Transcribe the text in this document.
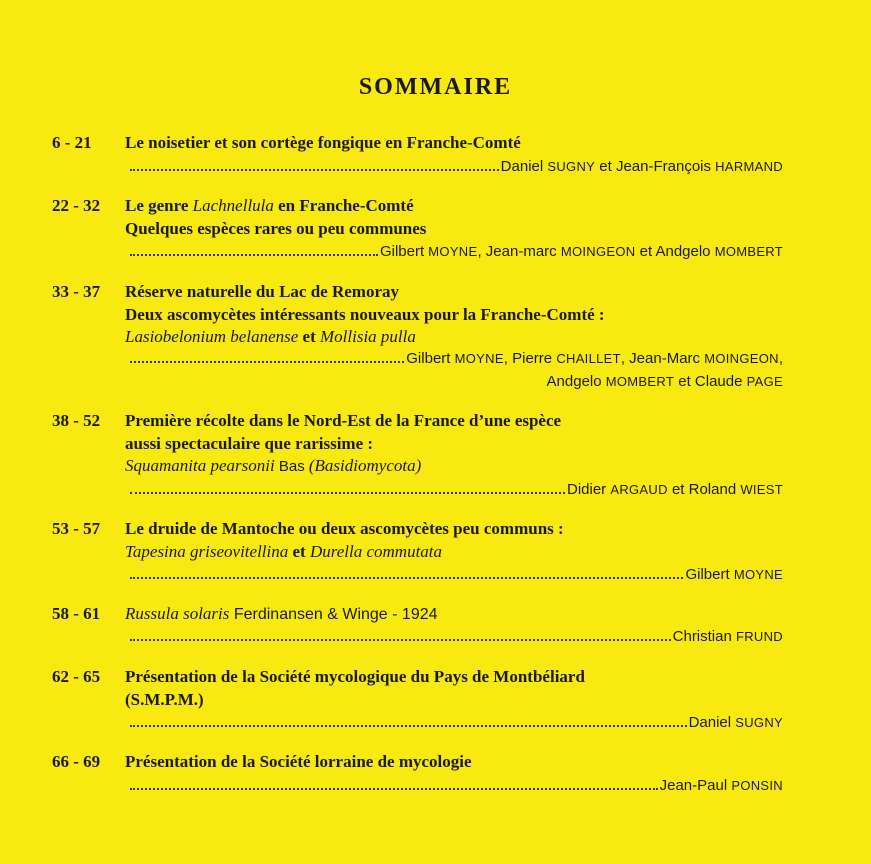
SOMMAIRE
6 - 21	Le noisetier et son cortège fongique en Franche-Comté
Daniel SUGNY et Jean-François HARMAND
22 - 32	Le genre Lachnellula en Franche-Comté
Quelques espèces rares ou peu communes
Gilbert MOYNE, Jean-marc MOINGEON et Andgelo MOMBERT
33 - 37	Réserve naturelle du Lac de Remoray
Deux ascomycètes intéressants nouveaux pour la Franche-Comté :
Lasiobelonium belanense et Mollisia pulla
Gilbert MOYNE, Pierre CHAILLET, Jean-Marc MOINGEON,
Andgelo MOMBERT et Claude PAGE
38 - 52	Première récolte dans le Nord-Est de la France d’une espèce
aussi spectaculaire que rarissime :
Squamanita pearsonii Bas (Basidiomycota)
Didier ARGAUD et Roland WIEST
53 - 57	Le druide de Mantoche ou deux ascomycètes peu communs :
Tapesina griseovitellina et Durella commutata
Gilbert MOYNE
58 - 61	Russula solaris Ferdinansen & Winge - 1924
Christian FRUND
62 - 65	Présentation de la Société mycologique du Pays de Montbéliard
(S.M.P.M.)
Daniel SUGNY
66 - 69	Présentation de la Société lorraine de mycologie
Jean-Paul PONSIN
